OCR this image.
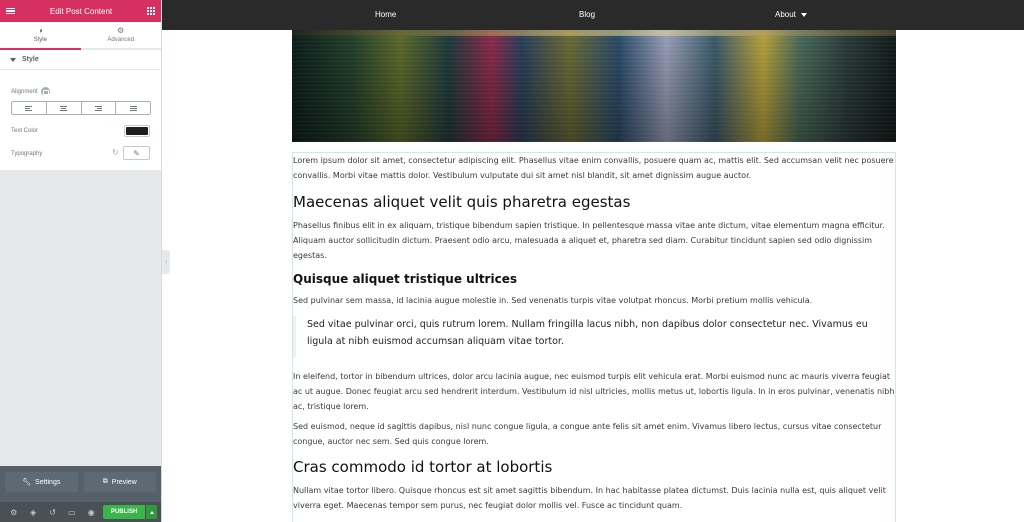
Edit Post Content
◑
Style
⚙
Advanced
Style
Alignment
Text Color
Typography	↻ ✎
🔧︎ Settings	⧉ Preview
⚙	◈	↺	▭	◉	PUBLISH
‹
Home	Blog	About

Lorem ipsum dolor sit amet, consectetur adipiscing elit. Phasellus vitae enim convallis, posuere quam ac, mattis elit. Sed accumsan velit nec posuere convallis. Morbi vitae mattis dolor. Vestibulum vulputate dui sit amet nisl blandit, sit amet dignissim augue auctor.

Maecenas aliquet velit quis pharetra egestas

Phasellus finibus elit in ex aliquam, tristique bibendum sapien tristique. In pellentesque massa vitae ante dictum, vitae elementum magna efficitur. Aliquam auctor sollicitudin dictum. Praesent odio arcu, malesuada a aliquet et, pharetra sed diam. Curabitur tincidunt sapien sed odio dignissim egestas.

Quisque aliquet tristique ultrices

Sed pulvinar sem massa, id lacinia augue molestie in. Sed venenatis turpis vitae volutpat rhoncus. Morbi pretium mollis vehicula.

Sed vitae pulvinar orci, quis rutrum lorem. Nullam fringilla lacus nibh, non dapibus dolor consectetur nec. Vivamus eu ligula at nibh euismod accumsan aliquam vitae tortor.

In eleifend, tortor in bibendum ultrices, dolor arcu lacinia augue, nec euismod turpis elit vehicula erat. Morbi euismod nunc ac mauris viverra feugiat ac ut augue. Donec feugiat arcu sed hendrerit interdum. Vestibulum id nisl ultricies, mollis metus ut, lobortis ligula. In in eros pulvinar, venenatis nibh ac, tristique lorem.

Sed euismod, neque id sagittis dapibus, nisl nunc congue ligula, a congue ante felis sit amet enim. Vivamus libero lectus, cursus vitae consectetur congue, auctor nec sem. Sed quis congue lorem.

Cras commodo id tortor at lobortis

Nullam vitae tortor libero. Quisque rhoncus est sit amet sagittis bibendum. In hac habitasse platea dictumst. Duis lacinia nulla est, quis aliquet velit viverra eget. Maecenas tempor sem purus, nec feugiat dolor mollis vel. Fusce ac tincidunt quam.
